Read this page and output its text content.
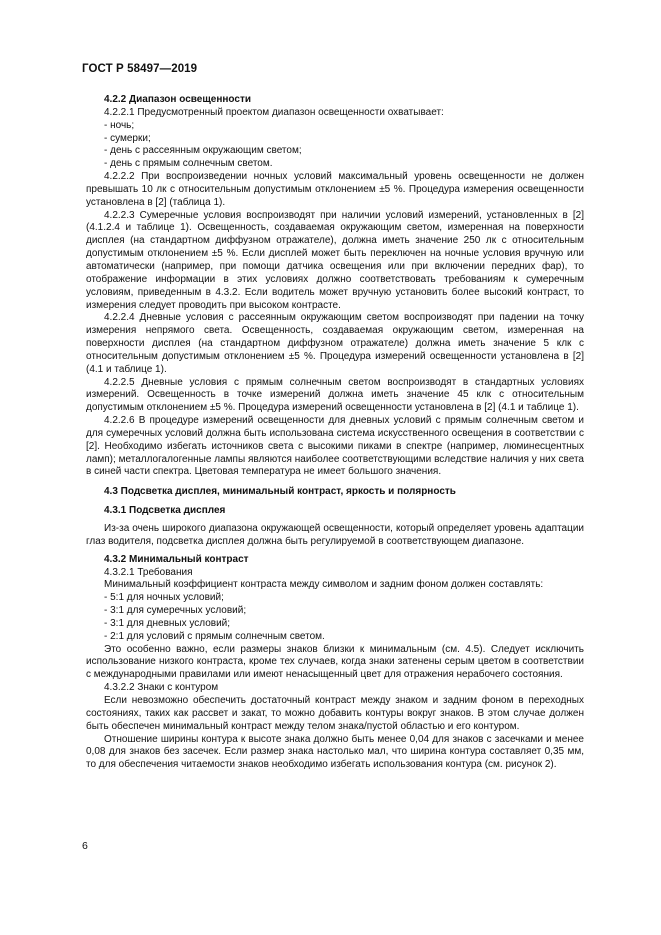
ГОСТ Р 58497—2019

4.2.2 Диапазон освещенности

4.2.2.1 Предусмотренный проектом диапазон освещенности охватывает:

- ночь;

- сумерки;

- день с рассеянным окружающим светом;

- день с прямым солнечным светом.

4.2.2.2 При воспроизведении ночных условий максимальный уровень освещенности не должен превышать 10 лк с относительным допустимым отклонением ±5 %. Процедура измерения освещенности установлена в [2] (таблица 1).

4.2.2.3 Сумеречные условия воспроизводят при наличии условий измерений, установленных в [2] (4.1.2.4 и таблице 1). Освещенность, создаваемая окружающим светом, измеренная на поверхности дисплея (на стандартном диффузном отражателе), должна иметь значение 250 лк с относительным допустимым отклонением ±5 %. Если дисплей может быть переключен на ночные условия вручную или автоматически (например, при помощи датчика освещения или при включении передних фар), то отображение информации в этих условиях должно соответствовать требованиям к сумеречным условиям, приведенным в 4.3.2. Если водитель может вручную установить более высокий контраст, то измерения следует проводить при высоком контрасте.

4.2.2.4 Дневные условия с рассеянным окружающим светом воспроизводят при падении на точку измерения непрямого света. Освещенность, создаваемая окружающим светом, измеренная на поверхности дисплея (на стандартном диффузном отражателе) должна иметь значение 5 клк с относительным допустимым отклонением ±5 %. Процедура измерений освещенности установлена в [2] (4.1 и таблице 1).

4.2.2.5 Дневные условия с прямым солнечным светом воспроизводят в стандартных условиях измерений. Освещенность в точке измерений должна иметь значение 45 клк с относительным допустимым отклонением ±5 %. Процедура измерений освещенности установлена в [2] (4.1 и таблице 1).

4.2.2.6 В процедуре измерений освещенности для дневных условий с прямым солнечным светом и для сумеречных условий должна быть использована система искусственного освещения в соответствии с [2]. Необходимо избегать источников света с высокими пиками в спектре (например, люминесцентных ламп); металлогалогенные лампы являются наиболее соответствующими вследствие наличия у них света в синей части спектра. Цветовая температура не имеет большого значения.

4.3 Подсветка дисплея, минимальный контраст, яркость и полярность

4.3.1 Подсветка дисплея

Из-за очень широкого диапазона окружающей освещенности, который определяет уровень адаптации глаз водителя, подсветка дисплея должна быть регулируемой в соответствующем диапазоне.

4.3.2 Минимальный контраст

4.3.2.1 Требования

Минимальный коэффициент контраста между символом и задним фоном должен составлять:

- 5:1 для ночных условий;

- 3:1 для сумеречных условий;

- 3:1 для дневных условий;

- 2:1 для условий с прямым солнечным светом.

Это особенно важно, если размеры знаков близки к минимальным (см. 4.5). Следует исключить использование низкого контраста, кроме тех случаев, когда знаки затенены серым цветом в соответствии с международными правилами или имеют ненасыщенный цвет для отражения нерабочего состояния.

4.3.2.2 Знаки с контуром

Если невозможно обеспечить достаточный контраст между знаком и задним фоном в переходных состояниях, таких как рассвет и закат, то можно добавить контуры вокруг знаков. В этом случае должен быть обеспечен минимальный контраст между телом знака/пустой областью и его контуром.

Отношение ширины контура к высоте знака должно быть менее 0,04 для знаков с засечками и менее 0,08 для знаков без засечек. Если размер знака настолько мал, что ширина контура составляет 0,35 мм, то для обеспечения читаемости знаков необходимо избегать использования контура (см. рисунок 2).

6
